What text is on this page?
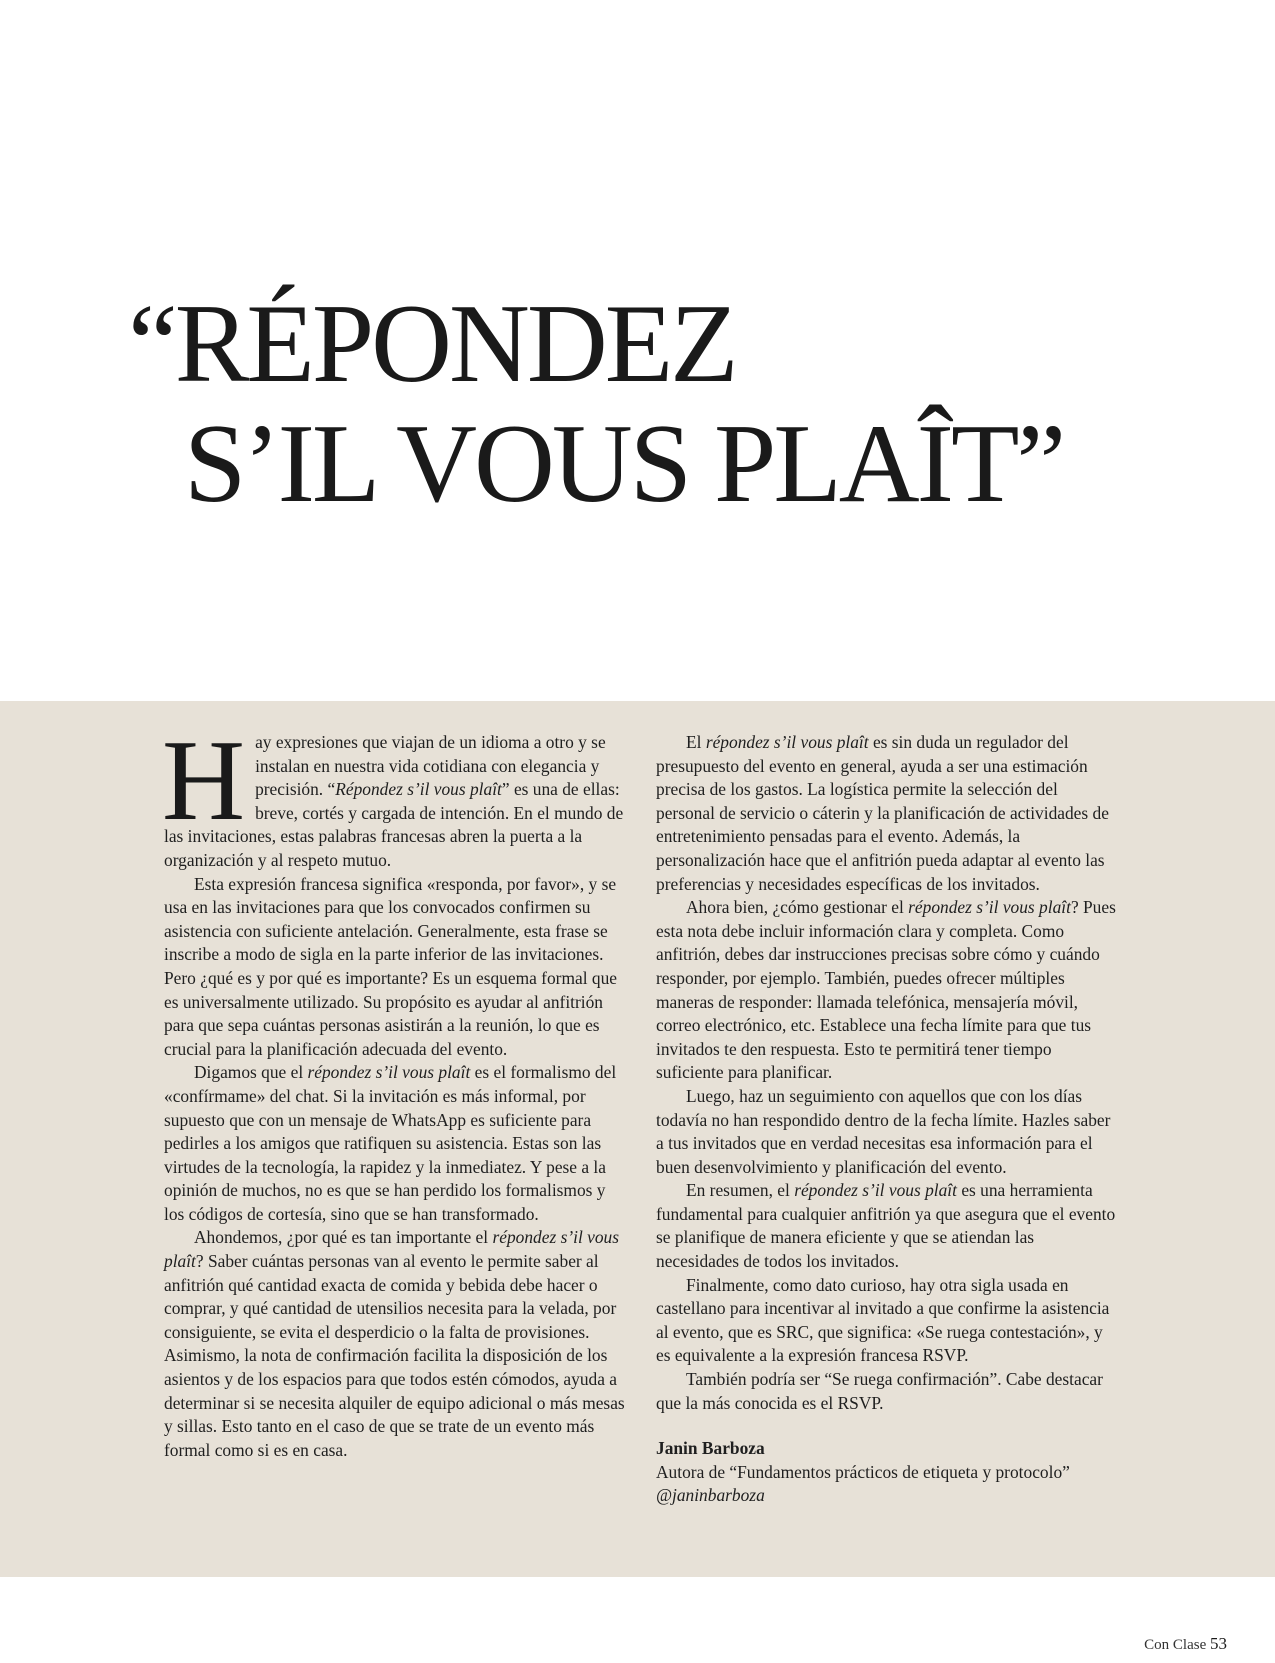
“RÉPONDEZ
S’IL VOUS PLAÎT”

Hay expresiones que viajan de un idioma a otro y se instalan en nuestra vida cotidiana con elegancia y precisión. “Répondez s’il vous plaît” es una de ellas: breve, cortés y cargada de intención. En el mundo de las invitaciones, estas palabras francesas abren la puerta a la organización y al respeto mutuo.

Esta expresión francesa significa «responda, por favor», y se usa en las invitaciones para que los convocados confirmen su asistencia con suficiente antelación. Generalmente, esta frase se inscribe a modo de sigla en la parte inferior de las invitaciones. Pero ¿qué es y por qué es importante? Es un esquema formal que es universalmente utilizado. Su propósito es ayudar al anfitrión para que sepa cuántas personas asistirán a la reunión, lo que es crucial para la planificación adecuada del evento.

Digamos que el répondez s’il vous plaît es el formalismo del «confírmame» del chat. Si la invitación es más informal, por supuesto que con un mensaje de WhatsApp es suficiente para pedirles a los amigos que ratifiquen su asistencia. Estas son las virtudes de la tecnología, la rapidez y la inmediatez. Y pese a la opinión de muchos, no es que se han perdido los formalismos y los códigos de cortesía, sino que se han transformado.

Ahondemos, ¿por qué es tan importante el répondez s’il vous plaît? Saber cuántas personas van al evento le permite saber al anfitrión qué cantidad exacta de comida y bebida debe hacer o comprar, y qué cantidad de utensilios necesita para la velada, por consiguiente, se evita el desperdicio o la falta de provisiones. Asimismo, la nota de confirmación facilita la disposición de los asientos y de los espacios para que todos estén cómodos, ayuda a determinar si se necesita alquiler de equipo adicional o más mesas y sillas. Esto tanto en el caso de que se trate de un evento más formal como si es en casa.

El répondez s’il vous plaît es sin duda un regulador del presupuesto del evento en general, ayuda a ser una estimación precisa de los gastos. La logística permite la selección del personal de servicio o cáterin y la planificación de actividades de entretenimiento pensadas para el evento. Además, la personalización hace que el anfitrión pueda adaptar al evento las preferencias y necesidades específicas de los invitados.

Ahora bien, ¿cómo gestionar el répondez s’il vous plaît? Pues esta nota debe incluir información clara y completa. Como anfitrión, debes dar instrucciones precisas sobre cómo y cuándo responder, por ejemplo. También, puedes ofrecer múltiples maneras de responder: llamada telefónica, mensajería móvil, correo electrónico, etc. Establece una fecha límite para que tus invitados te den respuesta. Esto te permitirá tener tiempo suficiente para planificar.

Luego, haz un seguimiento con aquellos que con los días todavía no han respondido dentro de la fecha límite. Hazles saber a tus invitados que en verdad necesitas esa información para el buen desenvolvimiento y planificación del evento.

En resumen, el répondez s’il vous plaît es una herramienta fundamental para cualquier anfitrión ya que asegura que el evento se planifique de manera eficiente y que se atiendan las necesidades de todos los invitados.

Finalmente, como dato curioso, hay otra sigla usada en castellano para incentivar al invitado a que confirme la asistencia al evento, que es SRC, que significa: «Se ruega contestación», y es equivalente a la expresión francesa RSVP.

También podría ser “Se ruega confirmación”. Cabe destacar que la más conocida es el RSVP.

Janin Barboza
Autora de “Fundamentos prácticos de etiqueta y protocolo”
@janinbarboza
Con Clase 53
